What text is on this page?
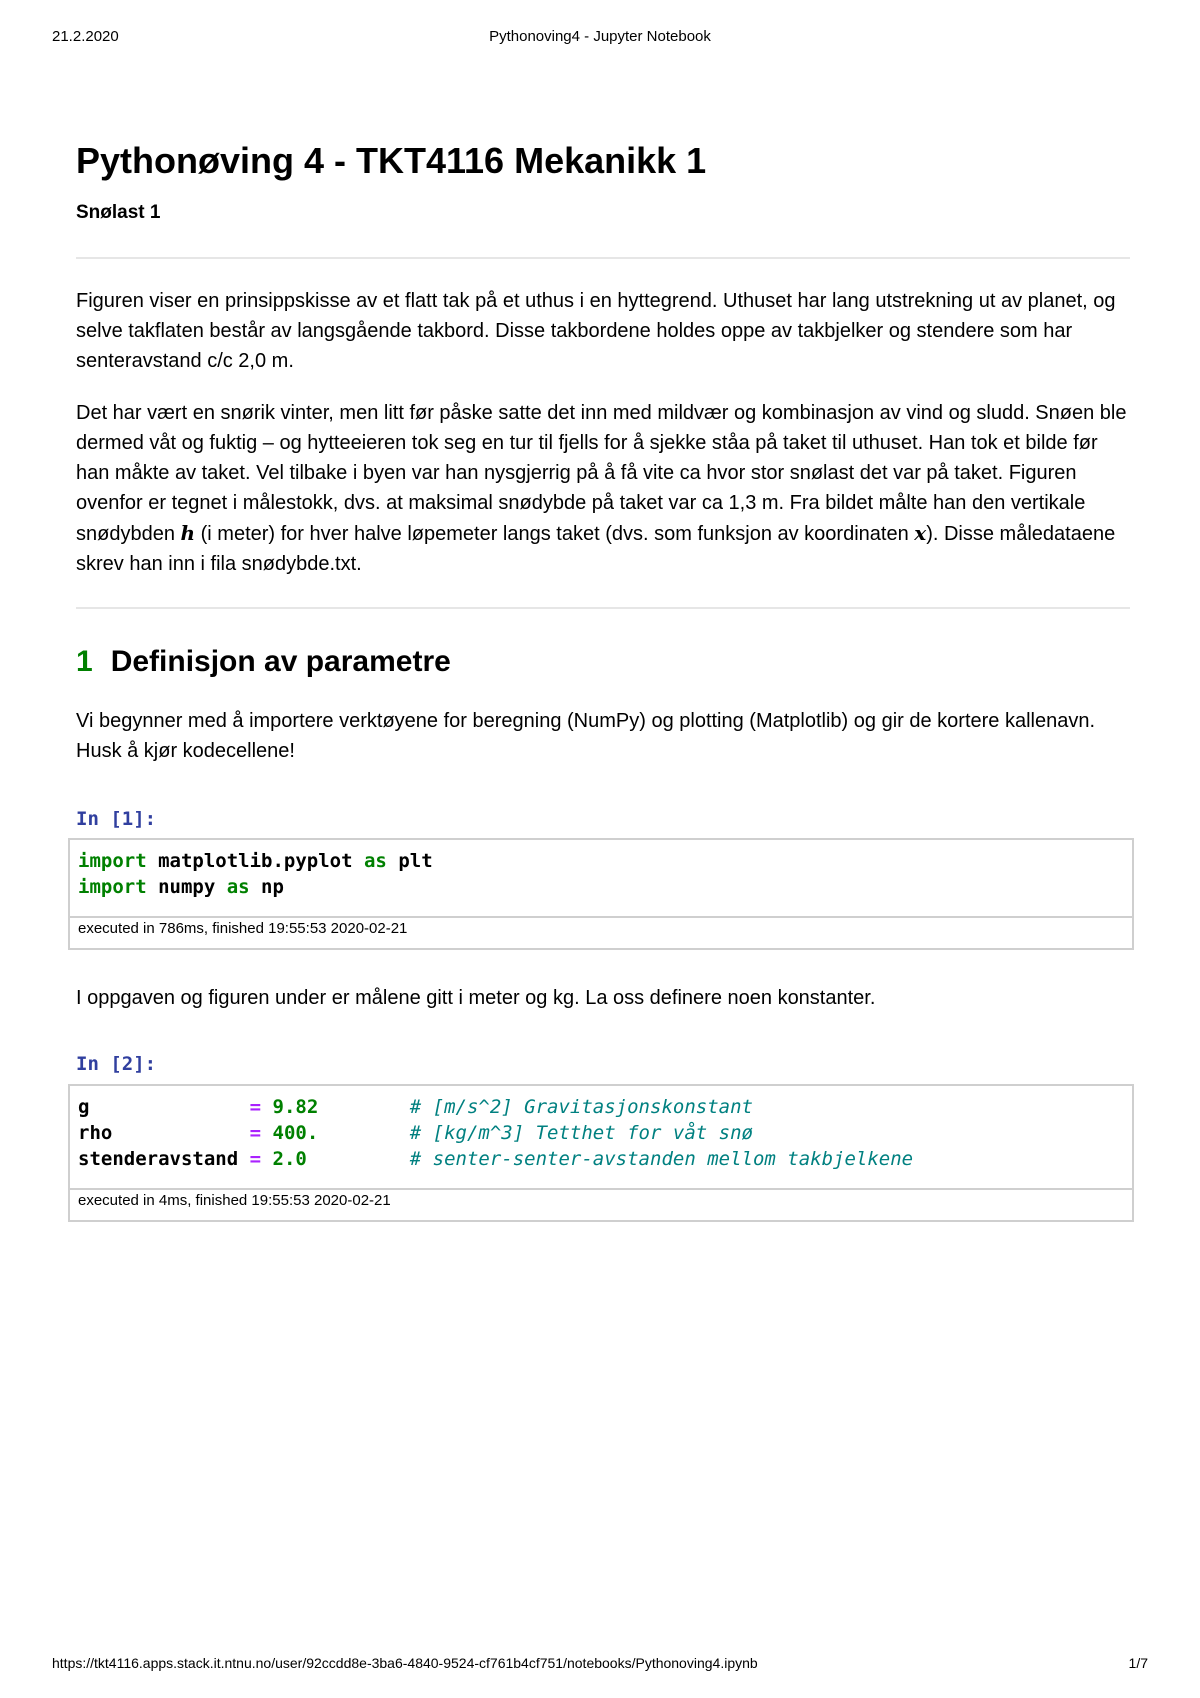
21.2.2020	Pythonoving4 - Jupyter Notebook
Pythonøving 4 - TKT4116 Mekanikk 1
Snølast 1

Figuren viser en prinsippskisse av et flatt tak på et uthus i en hyttegrend. Uthuset har lang utstrekning ut av planet, og selve takflaten består av langsgående takbord. Disse takbordene holdes oppe av takbjelker og stendere som har senteravstand c/c 2,0 m.

Det har vært en snørik vinter, men litt før påske satte det inn med mildvær og kombinasjon av vind og sludd. Snøen ble dermed våt og fuktig – og hytteeieren tok seg en tur til fjells for å sjekke ståa på taket til uthuset. Han tok et bilde før han måkte av taket. Vel tilbake i byen var han nysgjerrig på å få vite ca hvor stor snølast det var på taket. Figuren ovenfor er tegnet i målestokk, dvs. at maksimal snødybde på taket var ca 1,3 m. Fra bildet målte han den vertikale snødybden h (i meter) for hver halve løpemeter langs taket (dvs. som funksjon av koordinaten x). Disse måledataene skrev han inn i fila snødybde.txt.

1 Definisjon av parametre

Vi begynner med å importere verktøyene for beregning (NumPy) og plotting (Matplotlib) og gir de kortere kallenavn. Husk å kjør kodecellene!

I oppgaven og figuren under er målene gitt i meter og kg. La oss definere noen konstanter.

In [1]:
import matplotlib.pyplot as plt
import numpy as np
executed in 786ms, finished 19:55:53 2020-02-21
In [2]:
g	= 9.82	# [m/s^2] Gravitasjonskonstant
rho	= 400.	# [kg/m^3] Tetthet for våt snø
stenderavstand = 2.0	# senter-senter-avstanden mellom takbjelkene
executed in 4ms, finished 19:55:53 2020-02-21
https://tkt4116.apps.stack.it.ntnu.no/user/92ccdd8e-3ba6-4840-9524-cf761b4cf751/notebooks/Pythonoving4.ipynb	1/7
